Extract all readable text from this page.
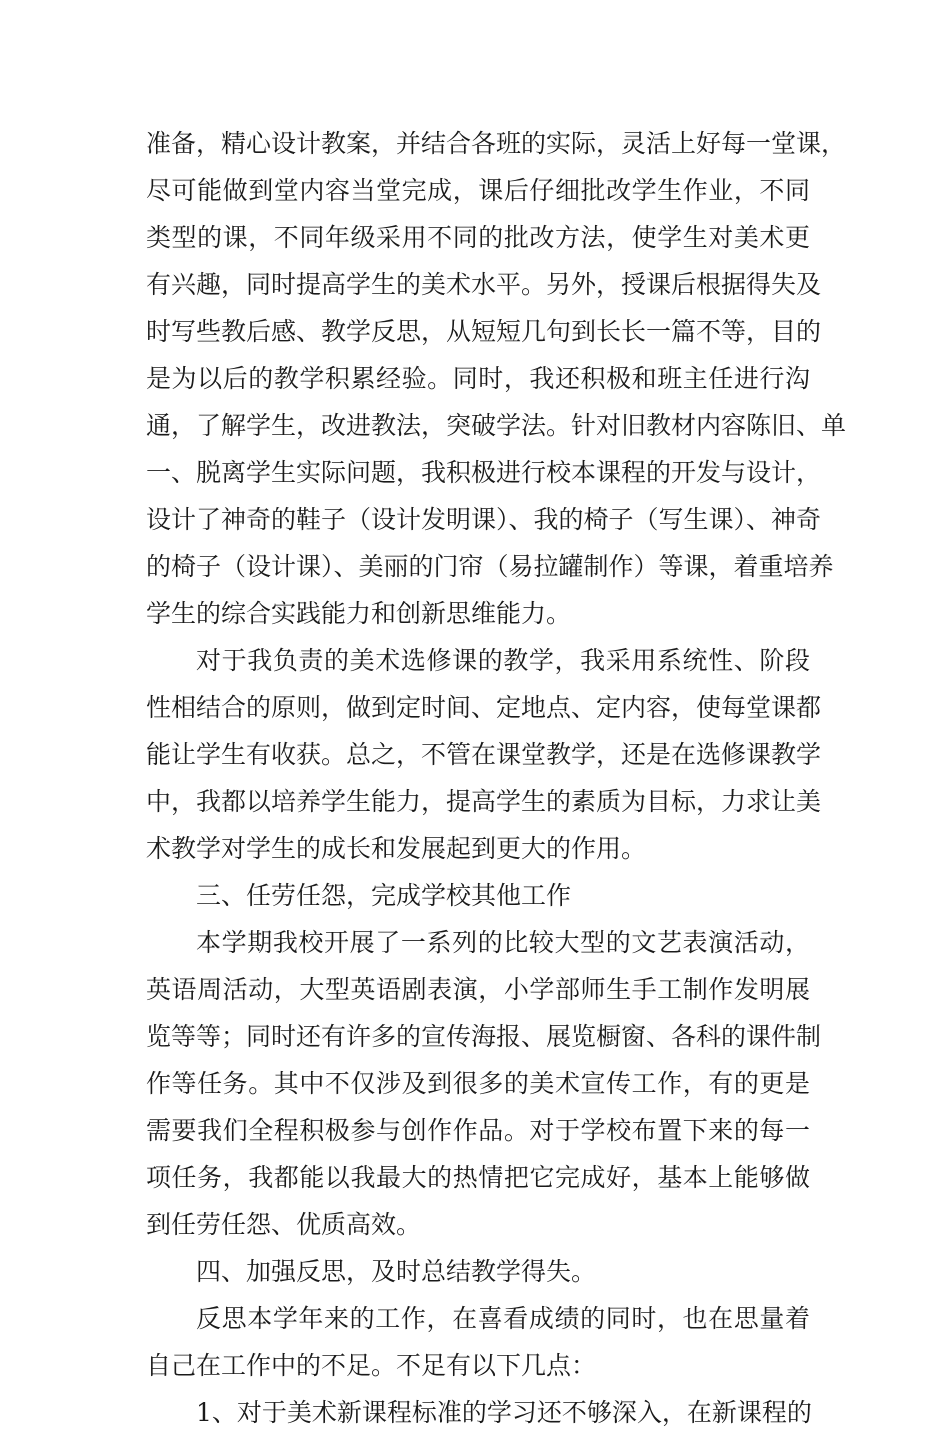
准备，精心设计教案，并结合各班的实际，灵活上好每一堂课，
尽可能做到堂内容当堂完成，课后仔细批改学生作业，不同
类型的课，不同年级采用不同的批改方法，使学生对美术更
有兴趣，同时提高学生的美术水平。另外，授课后根据得失及
时写些教后感、教学反思，从短短几句到长长一篇不等，目的
是为以后的教学积累经验。同时，我还积极和班主任进行沟
通，了解学生，改进教法，突破学法。针对旧教材内容陈旧、单
一、脱离学生实际问题，我积极进行校本课程的开发与设计，
设计了神奇的鞋子（设计发明课）、我的椅子（写生课）、神奇
的椅子（设计课）、美丽的门帘（易拉罐制作）等课，着重培养
学生的综合实践能力和创新思维能力。
对于我负责的美术选修课的教学，我采用系统性、阶段
性相结合的原则，做到定时间、定地点、定内容，使每堂课都
能让学生有收获。总之，不管在课堂教学，还是在选修课教学
中，我都以培养学生能力，提高学生的素质为目标，力求让美
术教学对学生的成长和发展起到更大的作用。
三、任劳任怨，完成学校其他工作
本学期我校开展了一系列的比较大型的文艺表演活动，
英语周活动，大型英语剧表演，小学部师生手工制作发明展
览等等；同时还有许多的宣传海报、展览橱窗、各科的课件制
作等任务。其中不仅涉及到很多的美术宣传工作，有的更是
需要我们全程积极参与创作作品。对于学校布置下来的每一
项任务，我都能以我最大的热情把它完成好，基本上能够做
到任劳任怨、优质高效。
四、加强反思，及时总结教学得失。
反思本学年来的工作，在喜看成绩的同时，也在思量着
自己在工作中的不足。不足有以下几点：
1、对于美术新课程标准的学习还不够深入，在新课程的
